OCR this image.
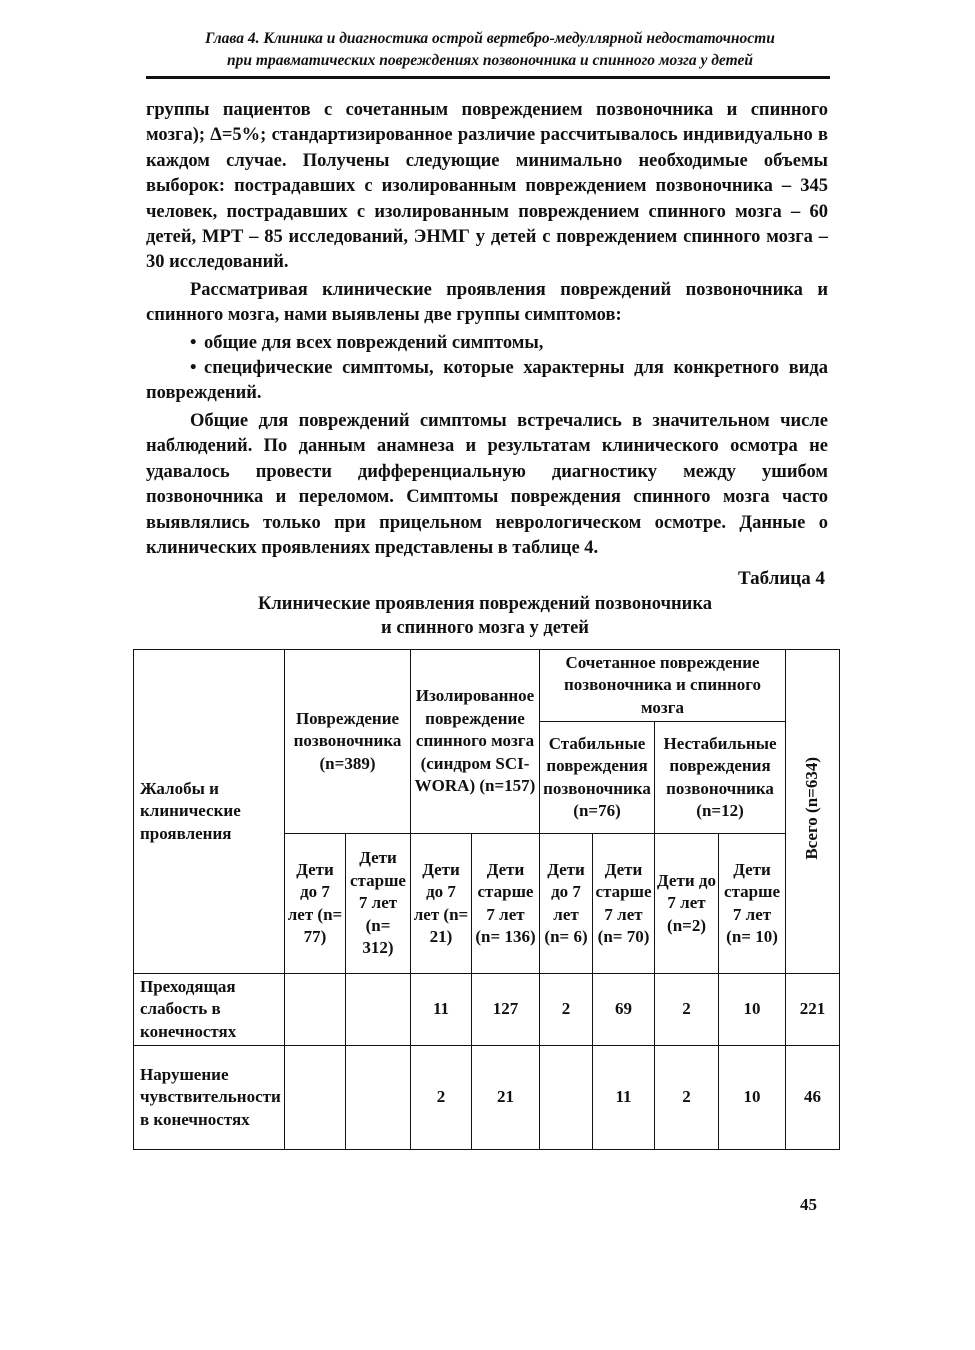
Глава 4. Клиника и диагностика острой вертебро-медуллярной недостаточности
при травматических повреждениях позвоночника и спинного мозга у детей

группы пациентов с сочетанным повреждением позвоночника и спинного мозга); Δ=5%; стандартизированное различие рассчитывалось индивидуально в каждом случае. Получены следующие минимально необходимые объемы выборок: пострадавших с изолированным повреждением позвоночника – 345 человек, пострадавших с изолированным повреждением спинного мозга – 60 детей, МРТ – 85 исследований, ЭНМГ у детей с повреждением спинного мозга – 30 исследований.

Рассматривая клинические проявления повреждений позвоночника и спинного мозга, нами выявлены две группы симптомов:

• общие для всех повреждений симптомы,
• специфические симптомы, которые характерны для конкретного вида повреждений.

Общие для повреждений симптомы встречались в значительном числе наблюдений. По данным анамнеза и результатам клинического осмотра не удавалось провести дифференциальную диагностику между ушибом позвоночника и переломом. Симптомы повреждения спинного мозга часто выявлялись только при прицельном неврологическом осмотре. Данные о клинических проявлениях представлены в таблице 4.

Таблица 4
Клинические проявления повреждений позвоночника
и спинного мозга у детей
Жалобы и клинические проявления	Повреждение позвоночника (n=389)		Изолированное повреждение спинного мозга (синдром SCI-WORA) (n=157)		Сочетанное повреждение позвоночника и спинного мозга				Всего (n=634)
					Стабильные повреждения позвоночника (n=76)		Нестабильные повреждения позвоночника (n=12)		
	Дети до 7 лет (n= 77)	Дети старше 7 лет (n= 312)	Дети до 7 лет (n= 21)	Дети старше 7 лет (n= 136)	Дети до 7 лет (n= 6)	Дети старше 7 лет (n= 70)	Дети до 7 лет (n=2)	Дети старше 7 лет (n= 10)	
Преходящая слабость в конечностях			11	127	2	69	2	10	221
Нарушение чувствительности в конечностях			2	21		11	2	10	46
45
